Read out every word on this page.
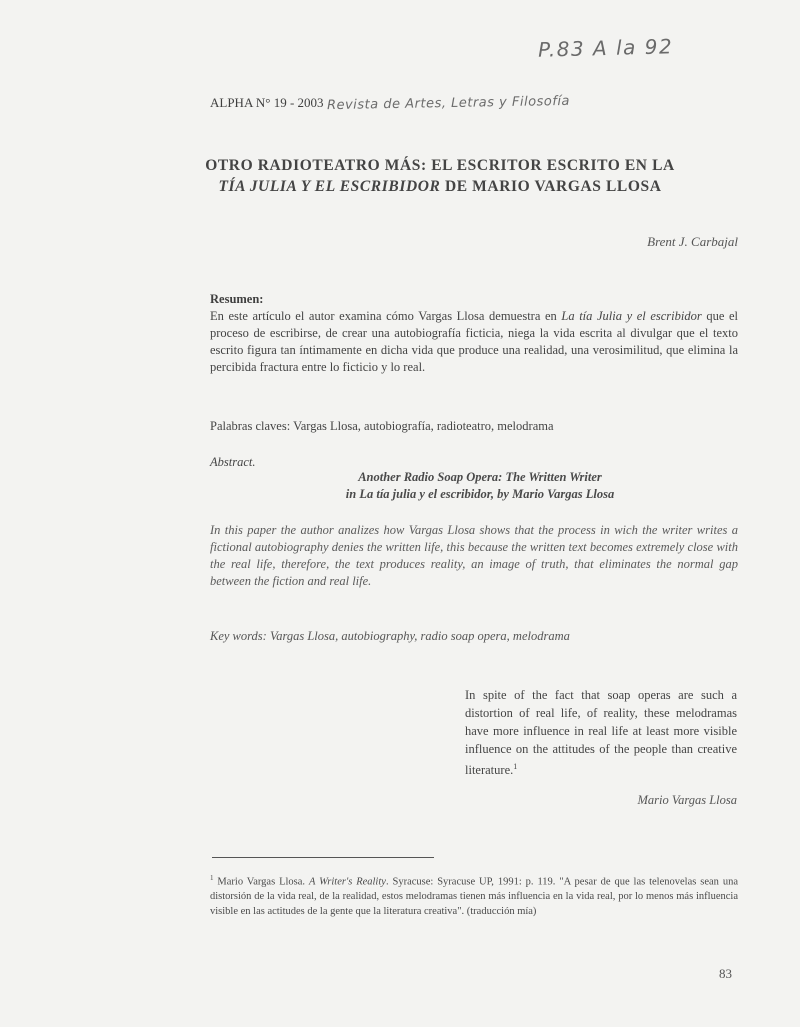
P.83 A la 92
ALPHA N° 19 - 2003 Revista de Artes, Letras y Filosofía
OTRO RADIOTEATRO MÁS: EL ESCRITOR ESCRITO EN LA
TÍA JULIA Y EL ESCRIBIDOR DE MARIO VARGAS LLOSA
Brent J. Carbajal
Resumen:
En este artículo el autor examina cómo Vargas Llosa demuestra en La tía Julia y el escribidor que el proceso de escribirse, de crear una autobiografía ficticia, niega la vida escrita al divulgar que el texto escrito figura tan íntimamente en dicha vida que produce una realidad, una verosimilitud, que elimina la percibida fractura entre lo ficticio y lo real.
Palabras claves: Vargas Llosa, autobiografía, radioteatro, melodrama
Abstract.
Another Radio Soap Opera: The Written Writer
in La tía julia y el escribidor, by Mario Vargas Llosa
In this paper the author analizes how Vargas Llosa shows that the process in wich the writer writes a fictional autobiography denies the written life, this because the written text becomes extremely close with the real life, therefore, the text produces reality, an image of truth, that eliminates the normal gap between the fiction and real life.
Key words: Vargas Llosa, autobiography, radio soap opera, melodrama
In spite of the fact that soap operas are such a distortion of real life, of reality, these melodramas have more influence in real life at least more visible influence on the attitudes of the people than creative literature.$^1$
Mario Vargas Llosa
$^1$ Mario Vargas Llosa. A Writer's Reality. Syracuse: Syracuse UP, 1991: p. 119. "A pesar de que las telenovelas sean una distorsión de la vida real, de la realidad, estos melodramas tienen más influencia en la vida real, por lo menos más influencia visible en las actitudes de la gente que la literatura creativa". (traducción mía)
83
